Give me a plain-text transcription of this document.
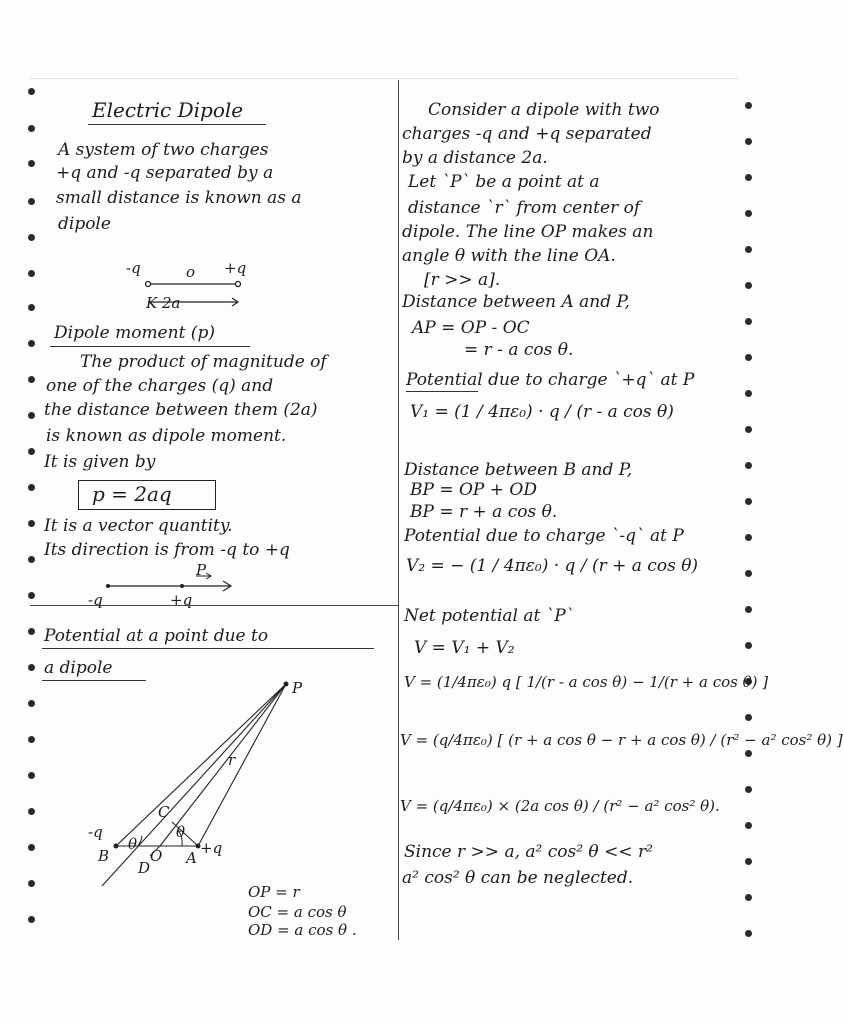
Electric Dipole
A system of two charges
+q and -q separated by a
small distance is known as a
dipole
-q	o +q
K 2a
Dipole moment (p)
The product of magnitude of
one of the charges (q) and
the distance between them (2a)
is known as dipole moment.
It is given by
p = 2aq
It is a vector quantity.
Its direction is from -q to +q
P
-q	+q
Potential at a point due to
a dipole
P
r
C
-q
+q
B	A
O
D
θ
θ
OP = r
OC = a cos θ
OD = a cos θ .
Consider a dipole with two
charges -q and +q separated
by a distance 2a.
Let `P` be a point at a
distance `r` from center of
dipole. The line OP makes an
angle θ with the line OA.
[r >> a].
Distance between A and P,
AP = OP - OC
= r - a cos θ.
Potential due to charge `+q` at P
V₁ = (1 / 4πε₀) · q / (r - a cos θ)
Distance between B and P,
BP = OP + OD
BP = r + a cos θ.
Potential due to charge `-q` at P
V₂ = − (1 / 4πε₀) · q / (r + a cos θ)
Net potential at `P`
V = V₁ + V₂
V = (1/4πε₀) q [ 1/(r - a cos θ) − 1/(r + a cos θ) ]
V = (q/4πε₀) [ (r + a cos θ − r + a cos θ) / (r² − a² cos² θ) ]
V = (q/4πε₀) × (2a cos θ) / (r² − a² cos² θ).
Since r >> a, a² cos² θ << r²
a² cos² θ can be neglected.
